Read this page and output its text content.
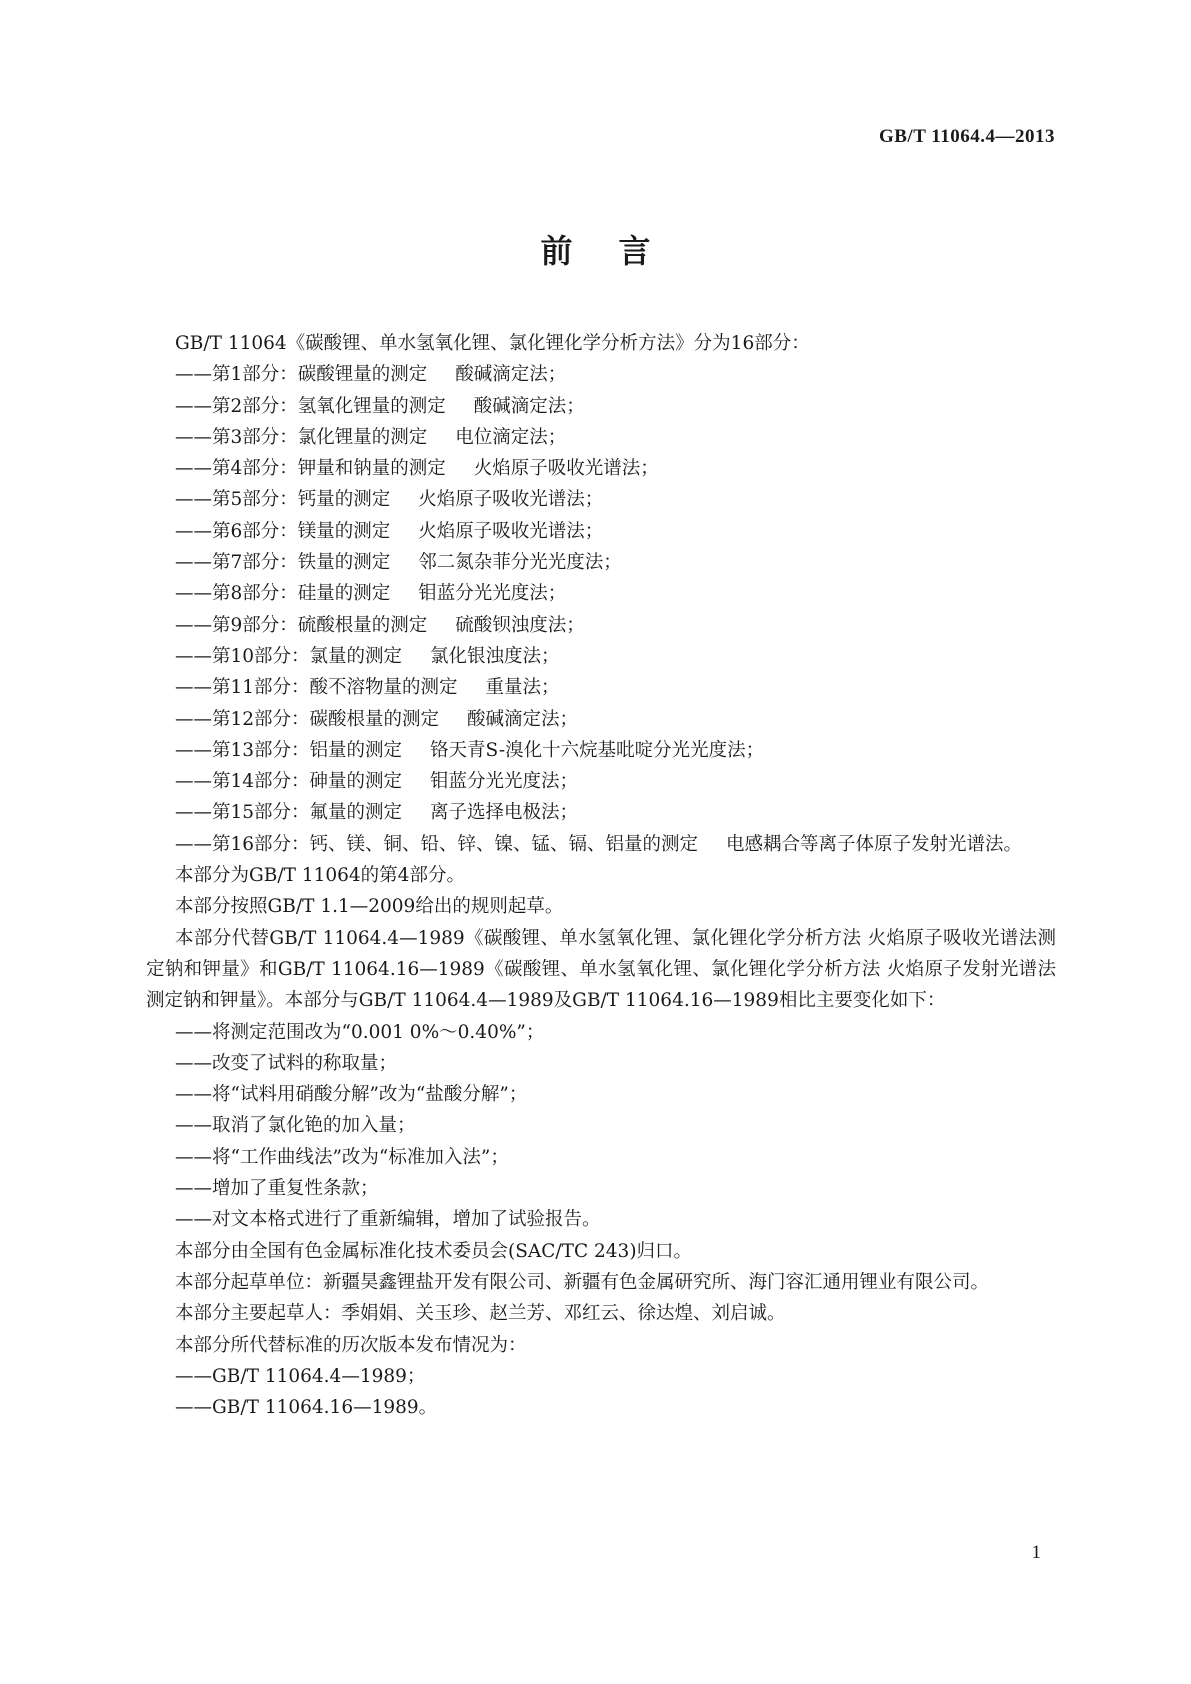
GB/T 11064.4—2013
前言
GB/T 11064《碳酸锂、单水氢氧化锂、氯化锂化学分析方法》分为16部分：
——第1部分：碳酸锂量的测定 酸碱滴定法；
——第2部分：氢氧化锂量的测定 酸碱滴定法；
——第3部分：氯化锂量的测定 电位滴定法；
——第4部分：钾量和钠量的测定 火焰原子吸收光谱法；
——第5部分：钙量的测定 火焰原子吸收光谱法；
——第6部分：镁量的测定 火焰原子吸收光谱法；
——第7部分：铁量的测定 邻二氮杂菲分光光度法；
——第8部分：硅量的测定 钼蓝分光光度法；
——第9部分：硫酸根量的测定 硫酸钡浊度法；
——第10部分：氯量的测定 氯化银浊度法；
——第11部分：酸不溶物量的测定 重量法；
——第12部分：碳酸根量的测定 酸碱滴定法；
——第13部分：铝量的测定 铬天青S-溴化十六烷基吡啶分光光度法；
——第14部分：砷量的测定 钼蓝分光光度法；
——第15部分：氟量的测定 离子选择电极法；
——第16部分：钙、镁、铜、铅、锌、镍、锰、镉、铝量的测定 电感耦合等离子体原子发射光谱法。
本部分为GB/T 11064的第4部分。
本部分按照GB/T 1.1—2009给出的规则起草。
本部分代替GB/T 11064.4—1989《碳酸锂、单水氢氧化锂、氯化锂化学分析方法 火焰原子吸收光谱法测定钠和钾量》和GB/T 11064.16—1989《碳酸锂、单水氢氧化锂、氯化锂化学分析方法 火焰原子发射光谱法测定钠和钾量》。本部分与GB/T 11064.4—1989及GB/T 11064.16—1989相比主要变化如下：
——将测定范围改为“0.001 0%～0.40%”；
——改变了试料的称取量；
——将“试料用硝酸分解”改为“盐酸分解”；
——取消了氯化铯的加入量；
——将“工作曲线法”改为“标准加入法”；
——增加了重复性条款；
——对文本格式进行了重新编辑，增加了试验报告。
本部分由全国有色金属标准化技术委员会(SAC/TC 243)归口。
本部分起草单位：新疆昊鑫锂盐开发有限公司、新疆有色金属研究所、海门容汇通用锂业有限公司。
本部分主要起草人：季娟娟、关玉珍、赵兰芳、邓红云、徐达煌、刘启诚。
本部分所代替标准的历次版本发布情况为：
——GB/T 11064.4—1989；
——GB/T 11064.16—1989。
1
